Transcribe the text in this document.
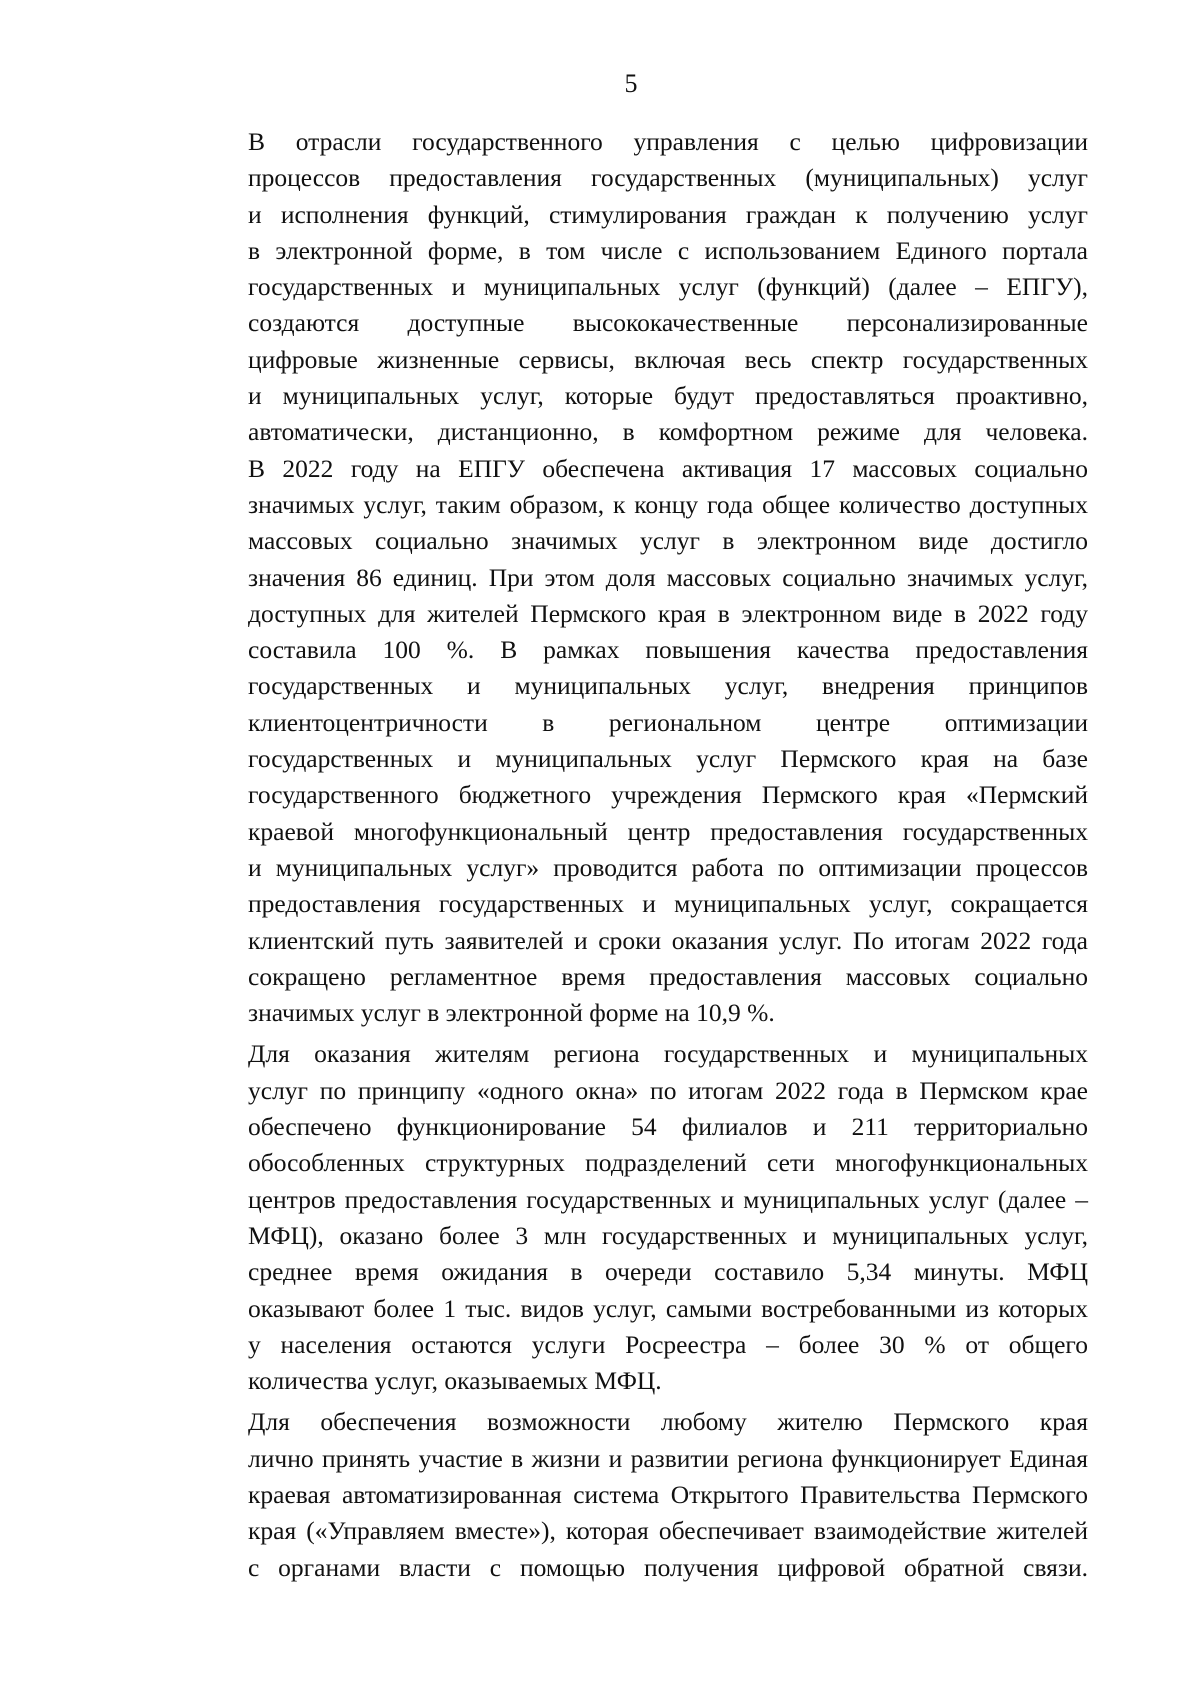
5

В отрасли государственного управления с целью цифровизации
процессов предоставления государственных (муниципальных) услуг
и исполнения функций, стимулирования граждан к получению услуг
в электронной форме, в том числе с использованием Единого портала
государственных и муниципальных услуг (функций) (далее – ЕПГУ),
создаются доступные высококачественные персонализированные
цифровые жизненные сервисы, включая весь спектр государственных
и муниципальных услуг, которые будут предоставляться проактивно,
автоматически, дистанционно, в комфортном режиме для человека.
В 2022 году на ЕПГУ обеспечена активация 17 массовых социально
значимых услуг, таким образом, к концу года общее количество доступных
массовых социально значимых услуг в электронном виде достигло
значения 86 единиц. При этом доля массовых социально значимых услуг,
доступных для жителей Пермского края в электронном виде в 2022 году
составила 100 %. В рамках повышения качества предоставления
государственных и муниципальных услуг, внедрения принципов
клиентоцентричности в региональном центре оптимизации
государственных и муниципальных услуг Пермского края на базе
государственного бюджетного учреждения Пермского края «Пермский
краевой многофункциональный центр предоставления государственных
и муниципальных услуг» проводится работа по оптимизации процессов
предоставления государственных и муниципальных услуг, сокращается
клиентский путь заявителей и сроки оказания услуг. По итогам 2022 года
сокращено регламентное время предоставления массовых социально
значимых услуг в электронной форме на 10,9 %.

Для оказания жителям региона государственных и муниципальных
услуг по принципу «одного окна» по итогам 2022 года в Пермском крае
обеспечено функционирование 54 филиалов и 211 территориально
обособленных структурных подразделений сети многофункциональных
центров предоставления государственных и муниципальных услуг (далее –
МФЦ), оказано более 3 млн государственных и муниципальных услуг,
среднее время ожидания в очереди составило 5,34 минуты. МФЦ
оказывают более 1 тыс. видов услуг, самыми востребованными из которых
у населения остаются услуги Росреестра – более 30 % от общего
количества услуг, оказываемых МФЦ.

Для обеспечения возможности любому жителю Пермского края
лично принять участие в жизни и развитии региона функционирует Единая
краевая автоматизированная система Открытого Правительства Пермского
края («Управляем вместе»), которая обеспечивает взаимодействие жителей
с органами власти с помощью получения цифровой обратной связи.
